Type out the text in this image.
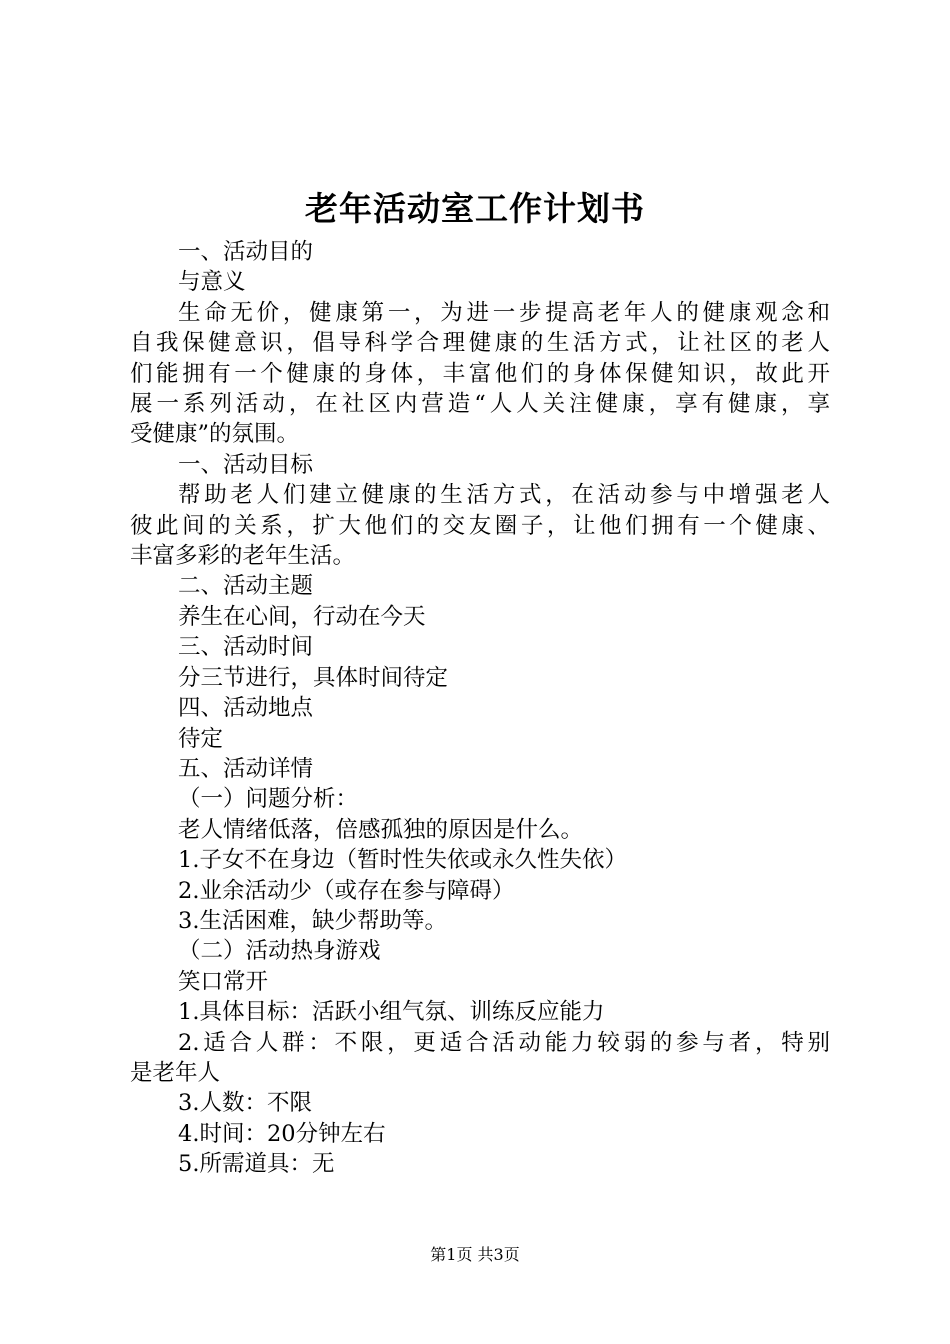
老年活动室工作计划书
一、活动目的
与意义
生命无价，健康第一，为进一步提高老年人的健康观念和
自我保健意识，倡导科学合理健康的生活方式，让社区的老人
们能拥有一个健康的身体，丰富他们的身体保健知识，故此开
展一系列活动，在社区内营造“人人关注健康，享有健康，享
受健康”的氛围。
一、活动目标
帮助老人们建立健康的生活方式，在活动参与中增强老人
彼此间的关系，扩大他们的交友圈子，让他们拥有一个健康、
丰富多彩的老年生活。
二、活动主题
养生在心间，行动在今天
三、活动时间
分三节进行，具体时间待定
四、活动地点
待定
五、活动详情
（一）问题分析：
老人情绪低落，倍感孤独的原因是什么。
1.子女不在身边（暂时性失依或永久性失依）
2.业余活动少（或存在参与障碍）
3.生活困难，缺少帮助等。
（二）活动热身游戏
笑口常开
1.具体目标：活跃小组气氛、训练反应能力
2.适合人群：不限，更适合活动能力较弱的参与者，特别
是老年人
3.人数：不限
4.时间：20分钟左右
5.所需道具：无
第1页 共3页
